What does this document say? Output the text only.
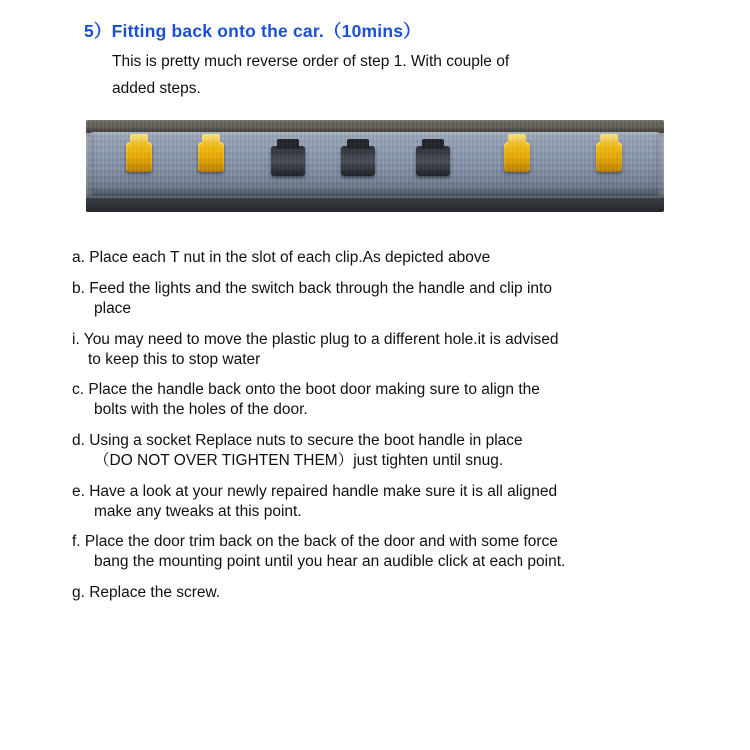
5）Fitting back onto the car.（10mins）

This is pretty much reverse order of step 1. With couple of
added steps.

a. Place each T nut in the slot of each clip.As depicted above
b. Feed the lights and the switch back through the handle and clip into
place
i. You may need to move the plastic plug to a different hole.it is advised
to keep this to stop water
c. Place the handle back onto the boot door making sure to align the
bolts with the holes of the door.
d. Using a socket Replace nuts to secure the boot handle in place
（DO NOT OVER TIGHTEN THEM）just tighten until snug.
e. Have a look at your newly repaired handle make sure it is all aligned
make any tweaks at this point.
f. Place the door trim back on the back of the door and with some force
bang the mounting point until you hear an audible click at each point.
g. Replace the screw.
